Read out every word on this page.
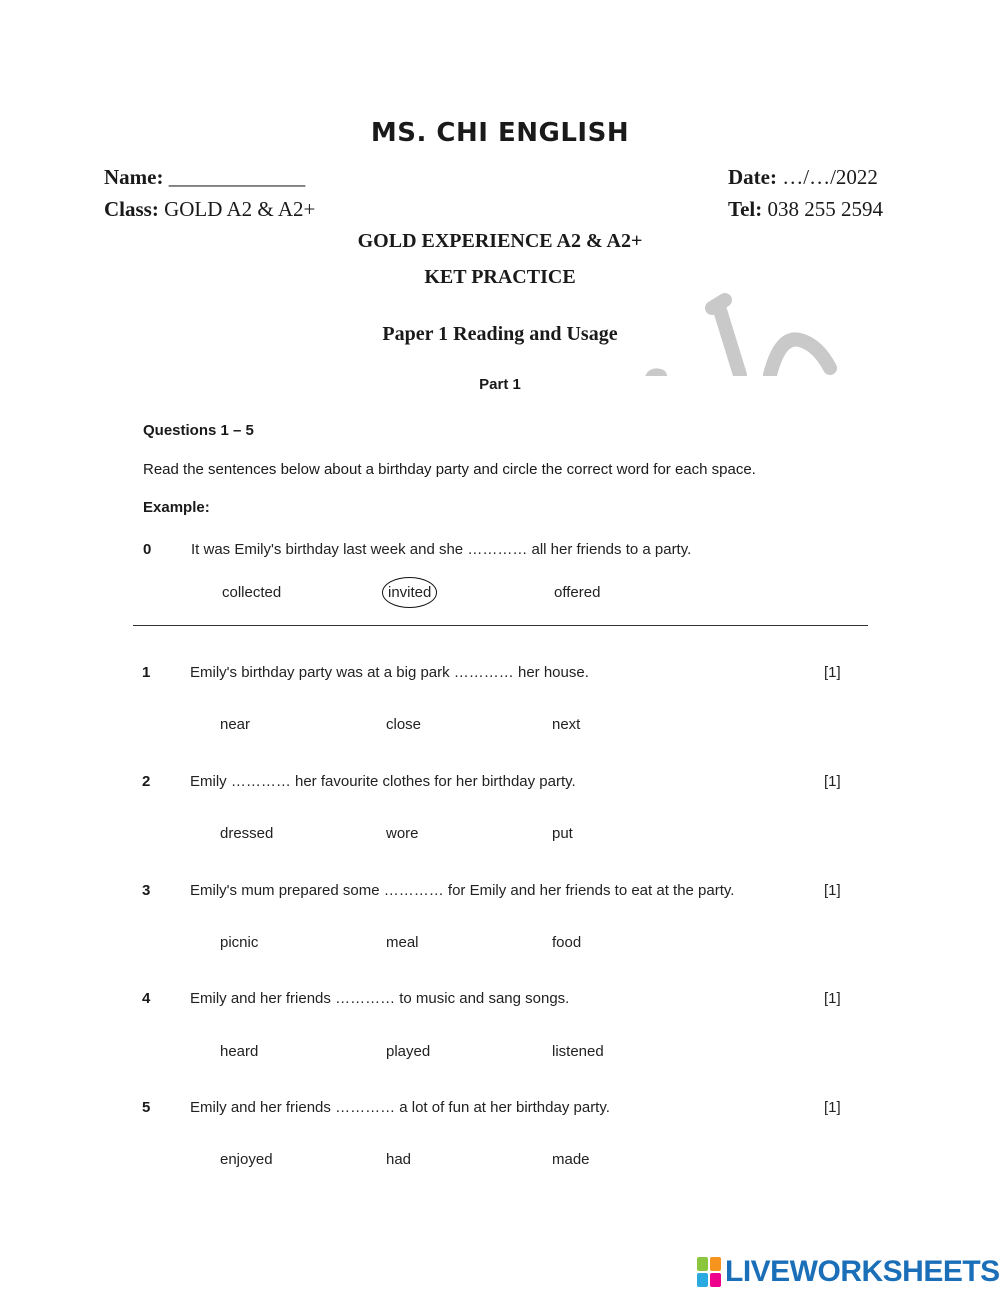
MS. CHI ENGLISH
Name: _____________	Date: …/…/2022
Class: GOLD A2 & A2+	Tel: 038 255 2594
GOLD EXPERIENCE A2 & A2+
KET PRACTICE
Paper 1 Reading and Usage
Part 1
Questions 1 – 5
Read the sentences below about a birthday party and circle the correct word for each space.
Example:
0	It was Emily's birthday last week and she ………… all her friends to a party.
collected	invited	offered
1	Emily's birthday party was at a big park ………… her house.	[1]
near	close	next
2	Emily ………… her favourite clothes for her birthday party.	[1]
dressed	wore	put
3	Emily's mum prepared some ………… for Emily and her friends to eat at the party.	[1]
picnic	meal	food
4	Emily and her friends ………… to music and sang songs.	[1]
heard	played	listened
5	Emily and her friends ………… a lot of fun at her birthday party.	[1]
enjoyed	had	made
LIVEWORKSHEETS
